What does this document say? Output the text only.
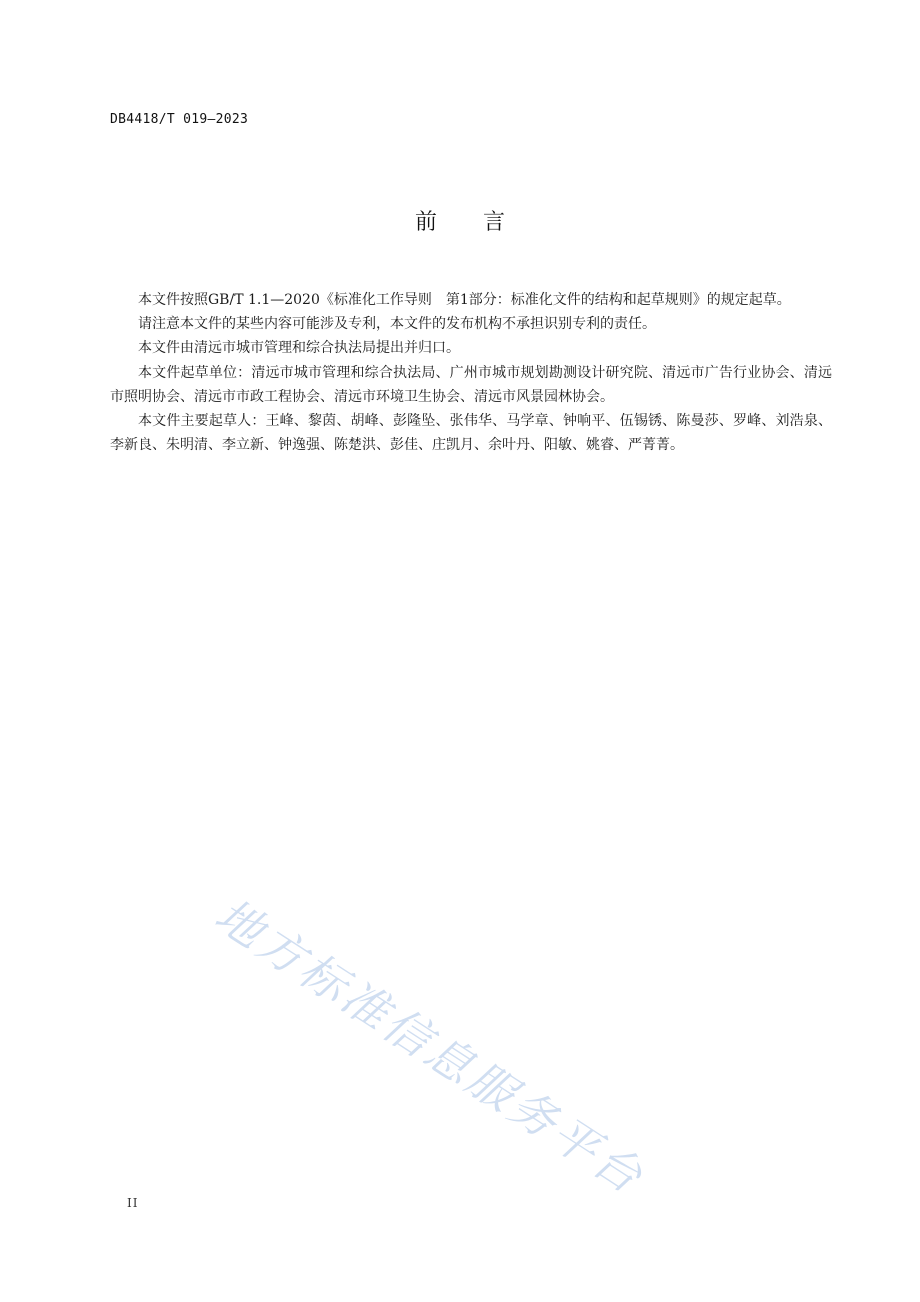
DB4418/T 019—2023
前 言

本文件按照GB/T 1.1—2020《标准化工作导则　第1部分：标准化文件的结构和起草规则》的规定起草。

请注意本文件的某些内容可能涉及专利，本文件的发布机构不承担识别专利的责任。

本文件由清远市城市管理和综合执法局提出并归口。

本文件起草单位：清远市城市管理和综合执法局、广州市城市规划勘测设计研究院、清远市广告行业协会、清远市照明协会、清远市市政工程协会、清远市环境卫生协会、清远市风景园林协会。

本文件主要起草人：王峰、黎茵、胡峰、彭隆坠、张伟华、马学章、钟响平、伍锡锈、陈曼莎、罗峰、刘浩泉、李新良、朱明清、李立新、钟逸强、陈楚洪、彭佳、庄凯月、余叶丹、阳敏、姚睿、严菁菁。

地方标准信息服务平台
II
